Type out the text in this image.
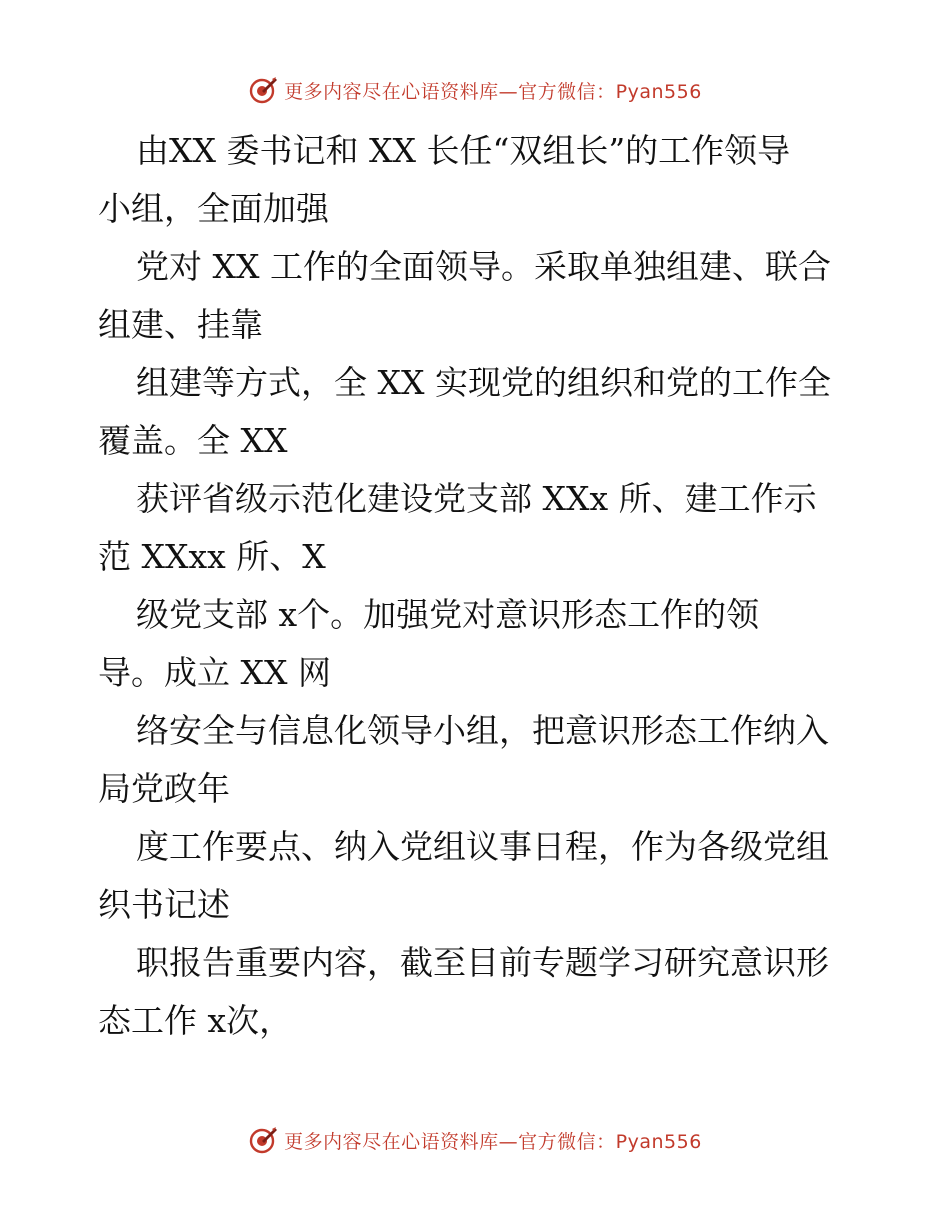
更多内容尽在心语资料库—官方微信：Pyan556

由XX 委书记和 XX 长任“双组长”的工作领导
小组，全面加强

党对 XX 工作的全面领导。采取单独组建、联合
组建、挂靠

组建等方式，全 XX 实现党的组织和党的工作全
覆盖。全 XX

获评省级示范化建设党支部 XXx 所、建工作示
范 XXxx 所、X

级党支部 x个。加强党对意识形态工作的领
导。成立 XX 网

络安全与信息化领导小组，把意识形态工作纳入
局党政年

度工作要点、纳入党组议事日程，作为各级党组
织书记述

职报告重要内容，截至目前专题学习研究意识形
态工作 x次，

更多内容尽在心语资料库—官方微信：Pyan556
